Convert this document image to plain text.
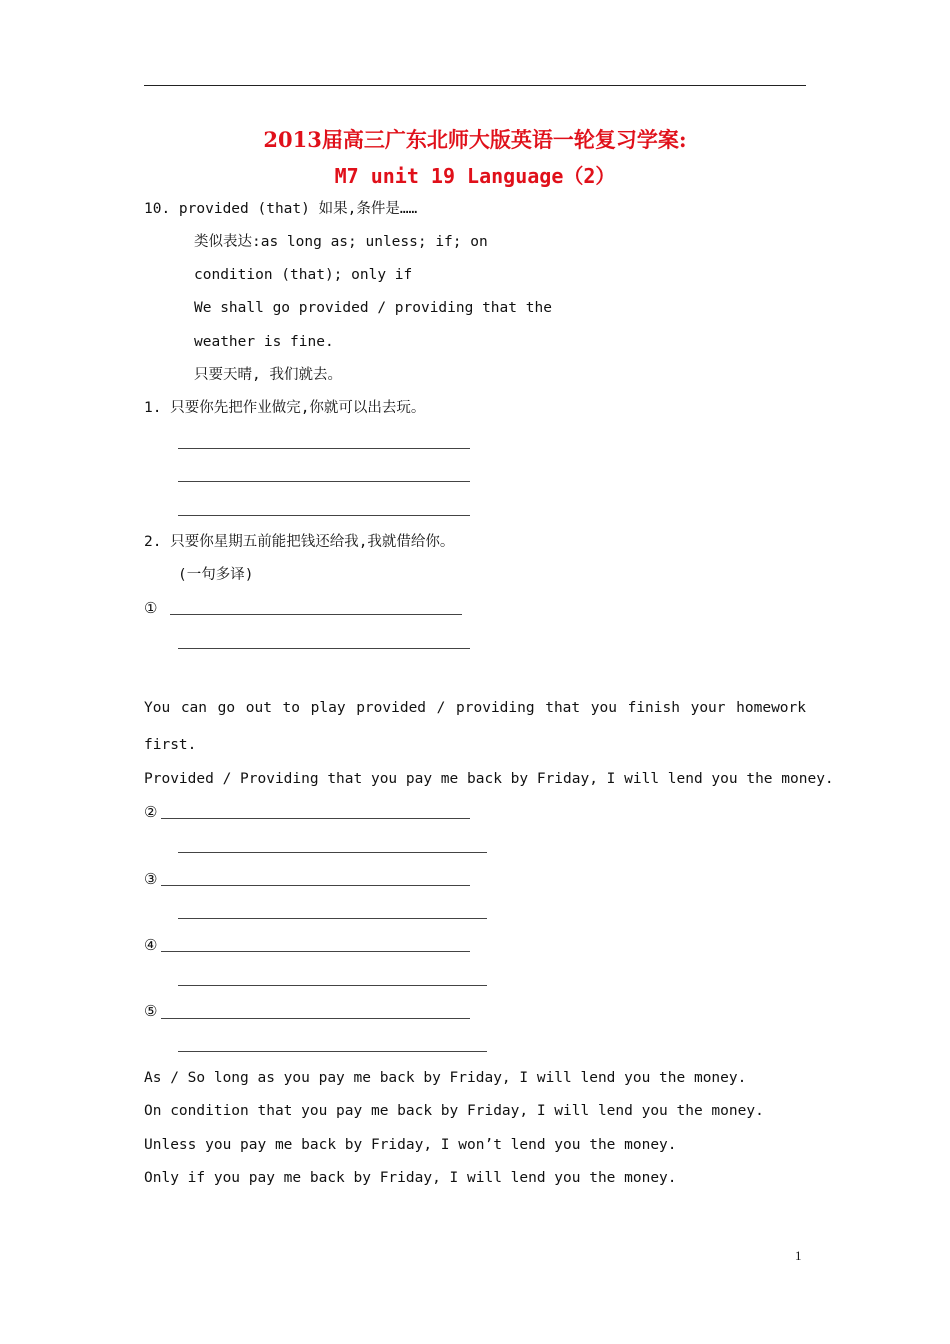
2013届高三广东北师大版英语一轮复习学案:
M7 unit 19 Language（2）
10. provided (that) 如果,条件是……
类似表达:as long as; unless; if; on
condition (that); only if
We shall go provided / providing that the
weather is fine.
只要天晴, 我们就去。
1. 只要你先把作业做完,你就可以出去玩。
2. 只要你星期五前能把钱还给我,我就借给你。
(一句多译)
①
You can go out to play provided / providing that you finish your homework
first.
Provided / Providing that you pay me back by Friday, I will lend you the money.
②
③
④
⑤
As / So long as you pay me back by Friday, I will lend you the money.
On condition that you pay me back by Friday, I will lend you the money.
Unless you pay me back by Friday, I won’t lend you the money.
Only if you pay me back by Friday, I will lend you the money.
1
